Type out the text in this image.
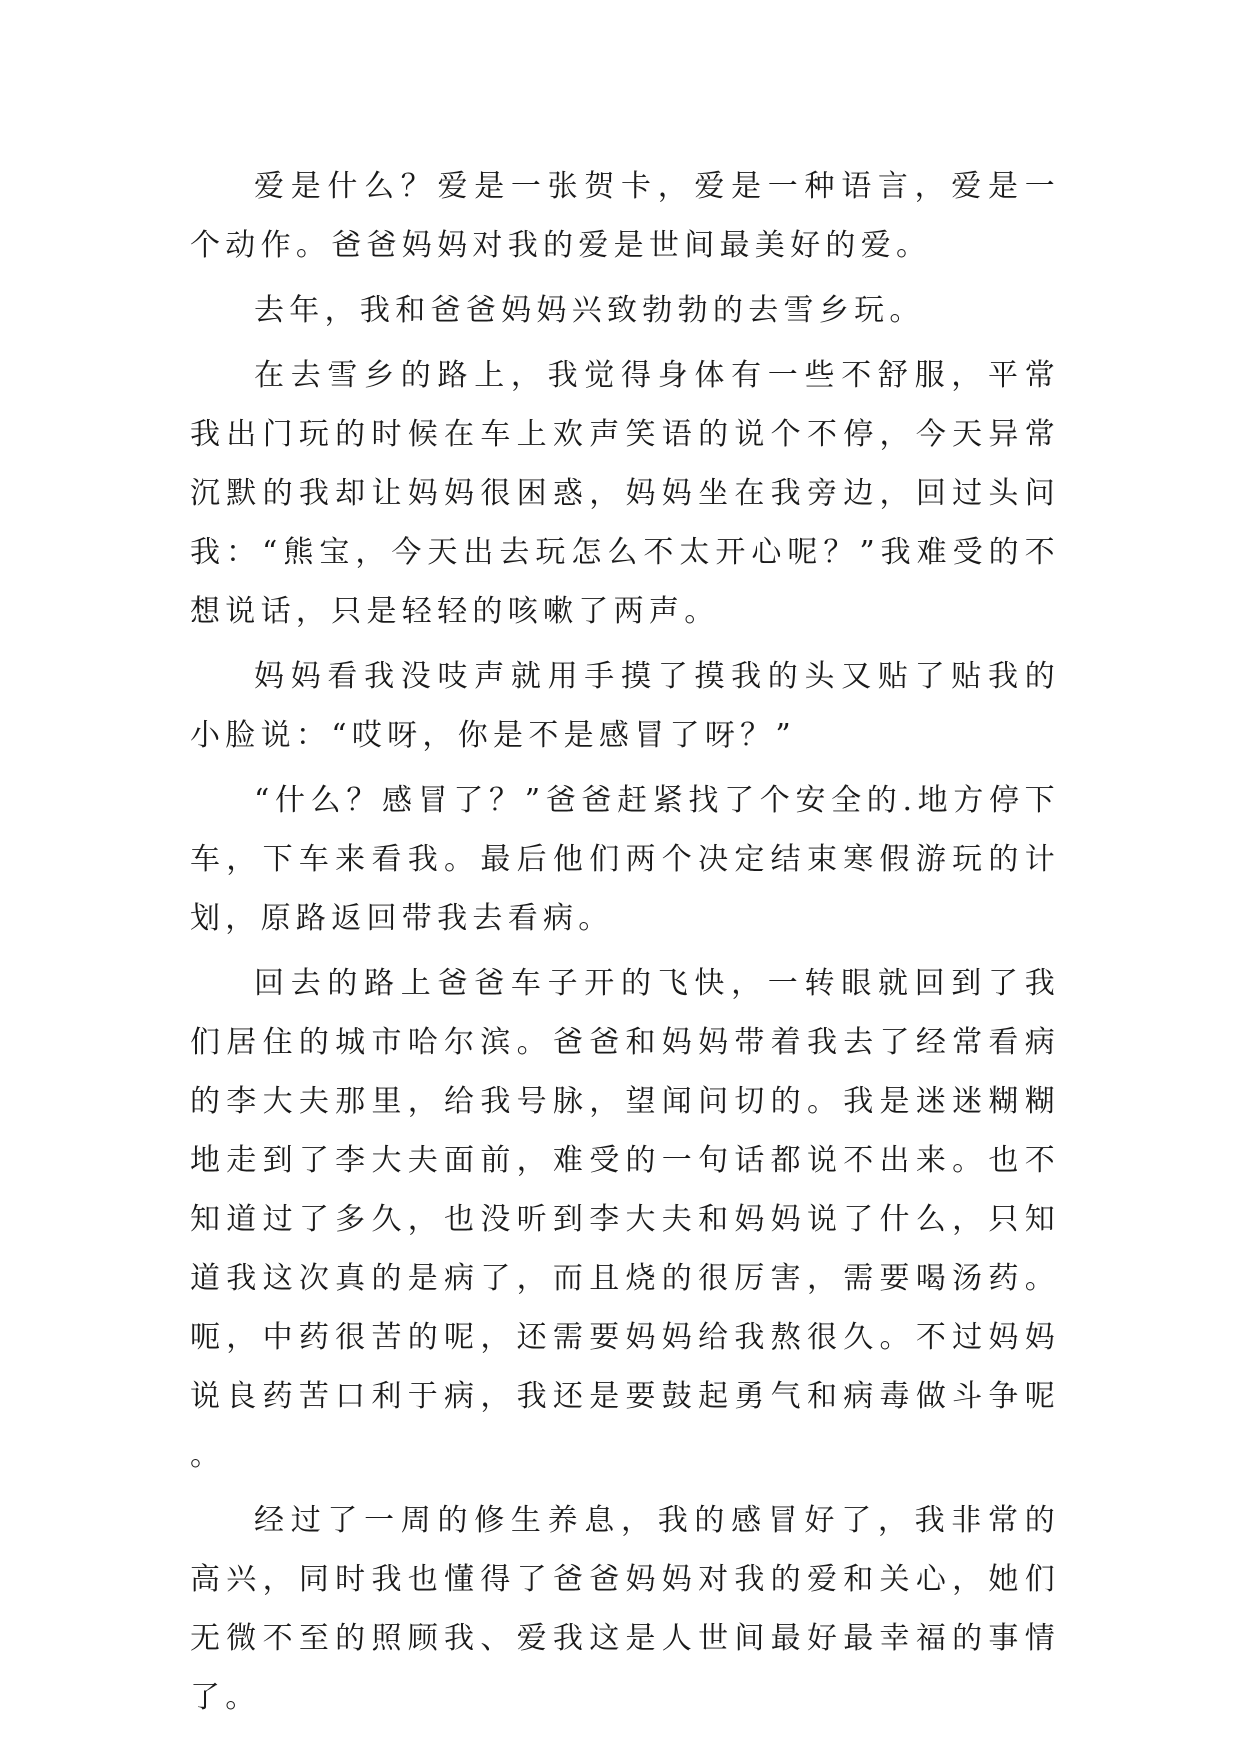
爱是什么？爱是一张贺卡，爱是一种语言，爱是一个动作。爸爸妈妈对我的爱是世间最美好的爱。

去年，我和爸爸妈妈兴致勃勃的去雪乡玩。

在去雪乡的路上，我觉得身体有一些不舒服，平常我出门玩的时候在车上欢声笑语的说个不停，今天异常沉默的我却让妈妈很困惑，妈妈坐在我旁边，回过头问我：“熊宝，今天出去玩怎么不太开心呢？”我难受的不想说话，只是轻轻的咳嗽了两声。

妈妈看我没吱声就用手摸了摸我的头又贴了贴我的小脸说：“哎呀，你是不是感冒了呀？”

“什么？感冒了？”爸爸赶紧找了个安全的.地方停下车，下车来看我。最后他们两个决定结束寒假游玩的计划，原路返回带我去看病。

回去的路上爸爸车子开的飞快，一转眼就回到了我们居住的城市哈尔滨。爸爸和妈妈带着我去了经常看病的李大夫那里，给我号脉，望闻问切的。我是迷迷糊糊地走到了李大夫面前，难受的一句话都说不出来。也不知道过了多久，也没听到李大夫和妈妈说了什么，只知道我这次真的是病了，而且烧的很厉害，需要喝汤药。呃，中药很苦的呢，还需要妈妈给我熬很久。不过妈妈说良药苦口利于病，我还是要鼓起勇气和病毒做斗争呢。

经过了一周的修生养息，我的感冒好了，我非常的高兴，同时我也懂得了爸爸妈妈对我的爱和关心，她们无微不至的照顾我、爱我这是人世间最好最幸福的事情了。
